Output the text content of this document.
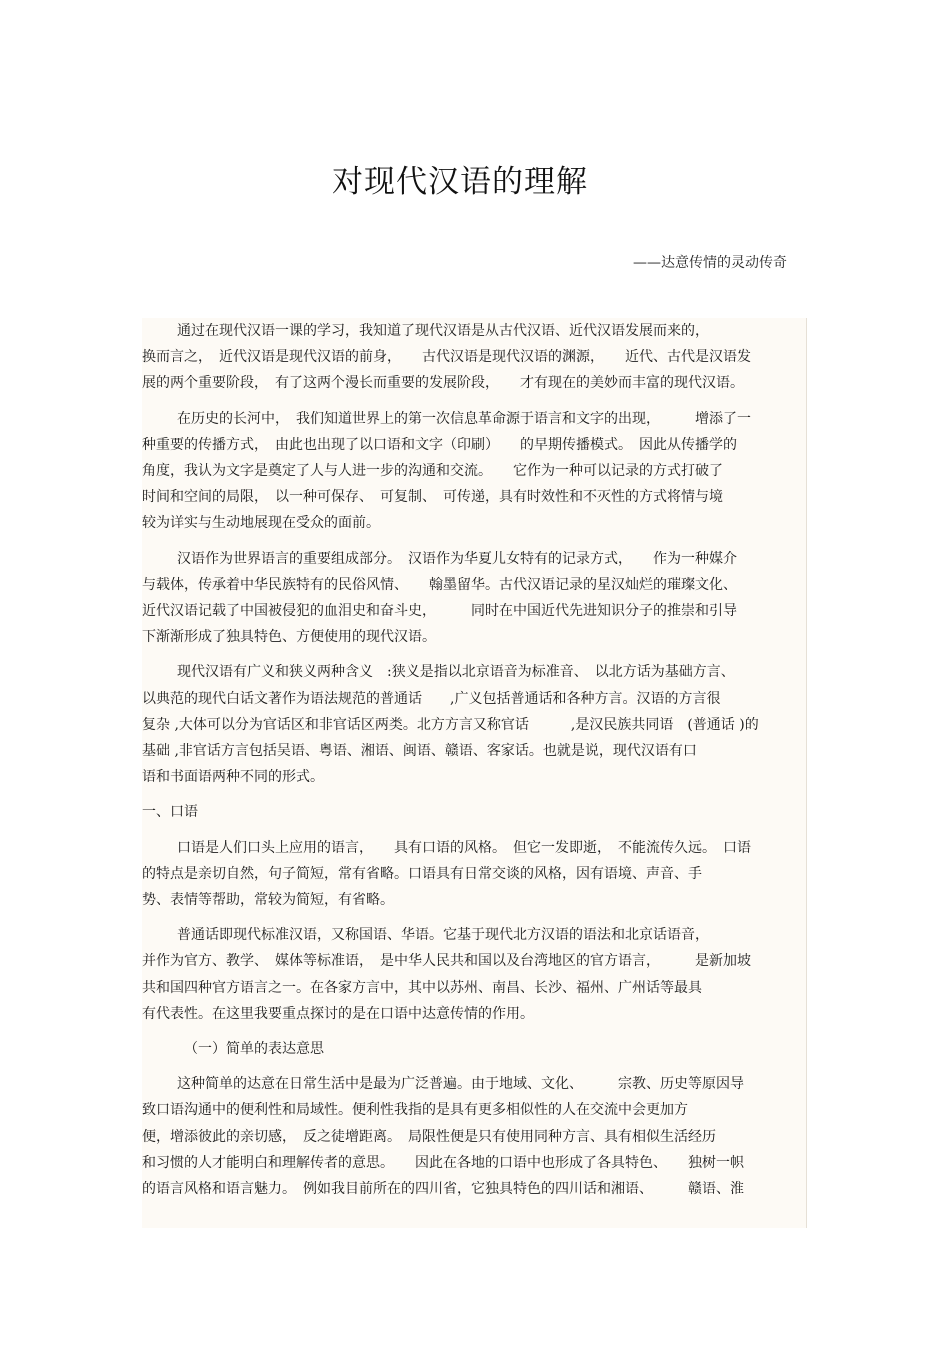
对现代汉语的理解
——达意传情的灵动传奇
通过在现代汉语一课的学习，我知道了现代汉语是从古代汉语、近代汉语发展而来的，
换而言之，　近代汉语是现代汉语的前身，　　古代汉语是现代汉语的渊源，　　近代、古代是汉语发
展的两个重要阶段，　有了这两个漫长而重要的发展阶段，　　才有现在的美妙而丰富的现代汉语。
在历史的长河中，　我们知道世界上的第一次信息革命源于语言和文字的出现，　　　增添了一
种重要的传播方式，　由此也出现了以口语和文字（印刷）　　的早期传播模式。　因此从传播学的
角度，我认为文字是奠定了人与人进一步的沟通和交流。　　它作为一种可以记录的方式打破了
时间和空间的局限，　以一种可保存、　可复制、　可传递，具有时效性和不灭性的方式将情与境
较为详实与生动地展现在受众的面前。
汉语作为世界语言的重要组成部分。　汉语作为华夏儿女特有的记录方式，　　作为一种媒介
与载体，传承着中华民族特有的民俗风情、　　翰墨留华。古代汉语记录的星汉灿烂的璀璨文化、
近代汉语记载了中国被侵犯的血泪史和奋斗史，　　　同时在中国近代先进知识分子的推崇和引导
下渐渐形成了独具特色、方便使用的现代汉语。
现代汉语有广义和狭义两种含义　:狭义是指以北京语音为标准音、　以北方话为基础方言、
以典范的现代白话文著作为语法规范的普通话　　,广义包括普通话和各种方言。汉语的方言很
复杂 ,大体可以分为官话区和非官话区两类。北方方言又称官话　　　,是汉民族共同语　(普通话 )的
基础 ,非官话方言包括吴语、粤语、湘语、闽语、赣语、客家话。也就是说，现代汉语有口
语和书面语两种不同的形式。
一、口语
口语是人们口头上应用的语言，　　具有口语的风格。　但它一发即逝，　不能流传久远。　口语
的特点是亲切自然，句子简短，常有省略。口语具有日常交谈的风格，因有语境、声音、手
势、表情等帮助，常较为简短，有省略。
普通话即现代标准汉语，又称国语、华语。它基于现代北方汉语的语法和北京话语音，
并作为官方、教学、　媒体等标准语，　是中华人民共和国以及台湾地区的官方语言，　　　是新加坡
共和国四种官方语言之一。在各家方言中，其中以苏州、南昌、长沙、福州、广州话等最具
有代表性。在这里我要重点探讨的是在口语中达意传情的作用。
（一）简单的表达意思
这种简单的达意在日常生活中是最为广泛普遍。由于地域、文化、　　　宗教、历史等原因导
致口语沟通中的便利性和局域性。便利性我指的是具有更多相似性的人在交流中会更加方
便，增添彼此的亲切感，　反之徒增距离。　局限性便是只有使用同种方言、具有相似生活经历
和习惯的人才能明白和理解传者的意思。　　因此在各地的口语中也形成了各具特色、　　独树一帜
的语言风格和语言魅力。　例如我目前所在的四川省，它独具特色的四川话和湘语、　　　赣语、淮
